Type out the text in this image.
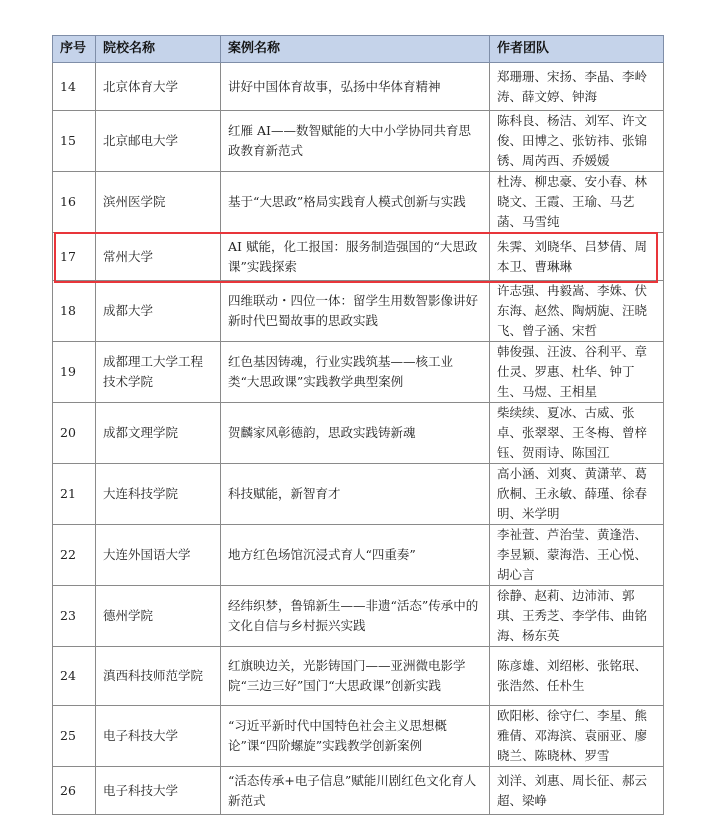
序号	院校名称	案例名称	作者团队
14	北京体育大学	讲好中国体育故事，弘扬中华体育精神	郑珊珊、宋扬、李晶、李岭涛、薛文婷、钟海
15	北京邮电大学	红雁 AI——数智赋能的大中小学协同共育思政教育新范式	陈科良、杨洁、刘军、许文俊、田博之、张钫祎、张锦锈、周芮西、乔媛媛
16	滨州医学院	基于“大思政”格局实践育人模式创新与实践	杜涛、柳忠豪、安小春、林晓文、王霞、王瑜、马艺菡、马雪纯
17	常州大学	AI 赋能，化工报国：服务制造强国的“大思政课”实践探索	朱霁、刘晓华、吕梦倩、周本卫、曹琳琳
18	成都大学	四维联动・四位一体：留学生用数智影像讲好新时代巴蜀故事的思政实践	许志强、冉毅嵩、李姝、伏东海、赵然、陶炳旎、汪晓飞、曾子涵、宋哲
19	成都理工大学工程技术学院	红色基因铸魂，行业实践筑基——核工业类“大思政课”实践教学典型案例	韩俊强、汪波、谷利平、章仕灵、罗惠、杜华、钟丁生、马煜、王相星
20	成都文理学院	贺麟家风彰德韵，思政实践铸新魂	柴续续、夏冰、古威、张卓、张翠翠、王冬梅、曾梓钰、贺雨诗、陈国江
21	大连科技学院	科技赋能，新智育才	高小涵、刘爽、黄潇苹、葛欣桐、王永敏、薛瑾、徐春明、米学明
22	大连外国语大学	地方红色场馆沉浸式育人“四重奏”	李祉萱、芦治莹、黄逢浩、李昱颖、蒙海浩、王心悦、胡心言
23	德州学院	经纬织梦，鲁锦新生——非遗“活态”传承中的文化自信与乡村振兴实践	徐静、赵莉、边沛沛、郭琪、王秀芝、李学伟、曲铭海、杨东英
24	滇西科技师范学院	红旗映边关，光影铸国门——亚洲微电影学院“三边三好”国门“大思政课”创新实践	陈彦雄、刘绍彬、张铭珉、张浩然、任朴生
25	电子科技大学	“习近平新时代中国特色社会主义思想概论”课“四阶螺旋”实践教学创新案例	欧阳彬、徐守仁、李星、熊雅倩、邓海滨、袁丽亚、廖晓兰、陈晓林、罗雪
26	电子科技大学	“活态传承+电子信息”赋能川剧红色文化育人新范式	刘洋、刘惠、周长征、郝云超、梁峥
